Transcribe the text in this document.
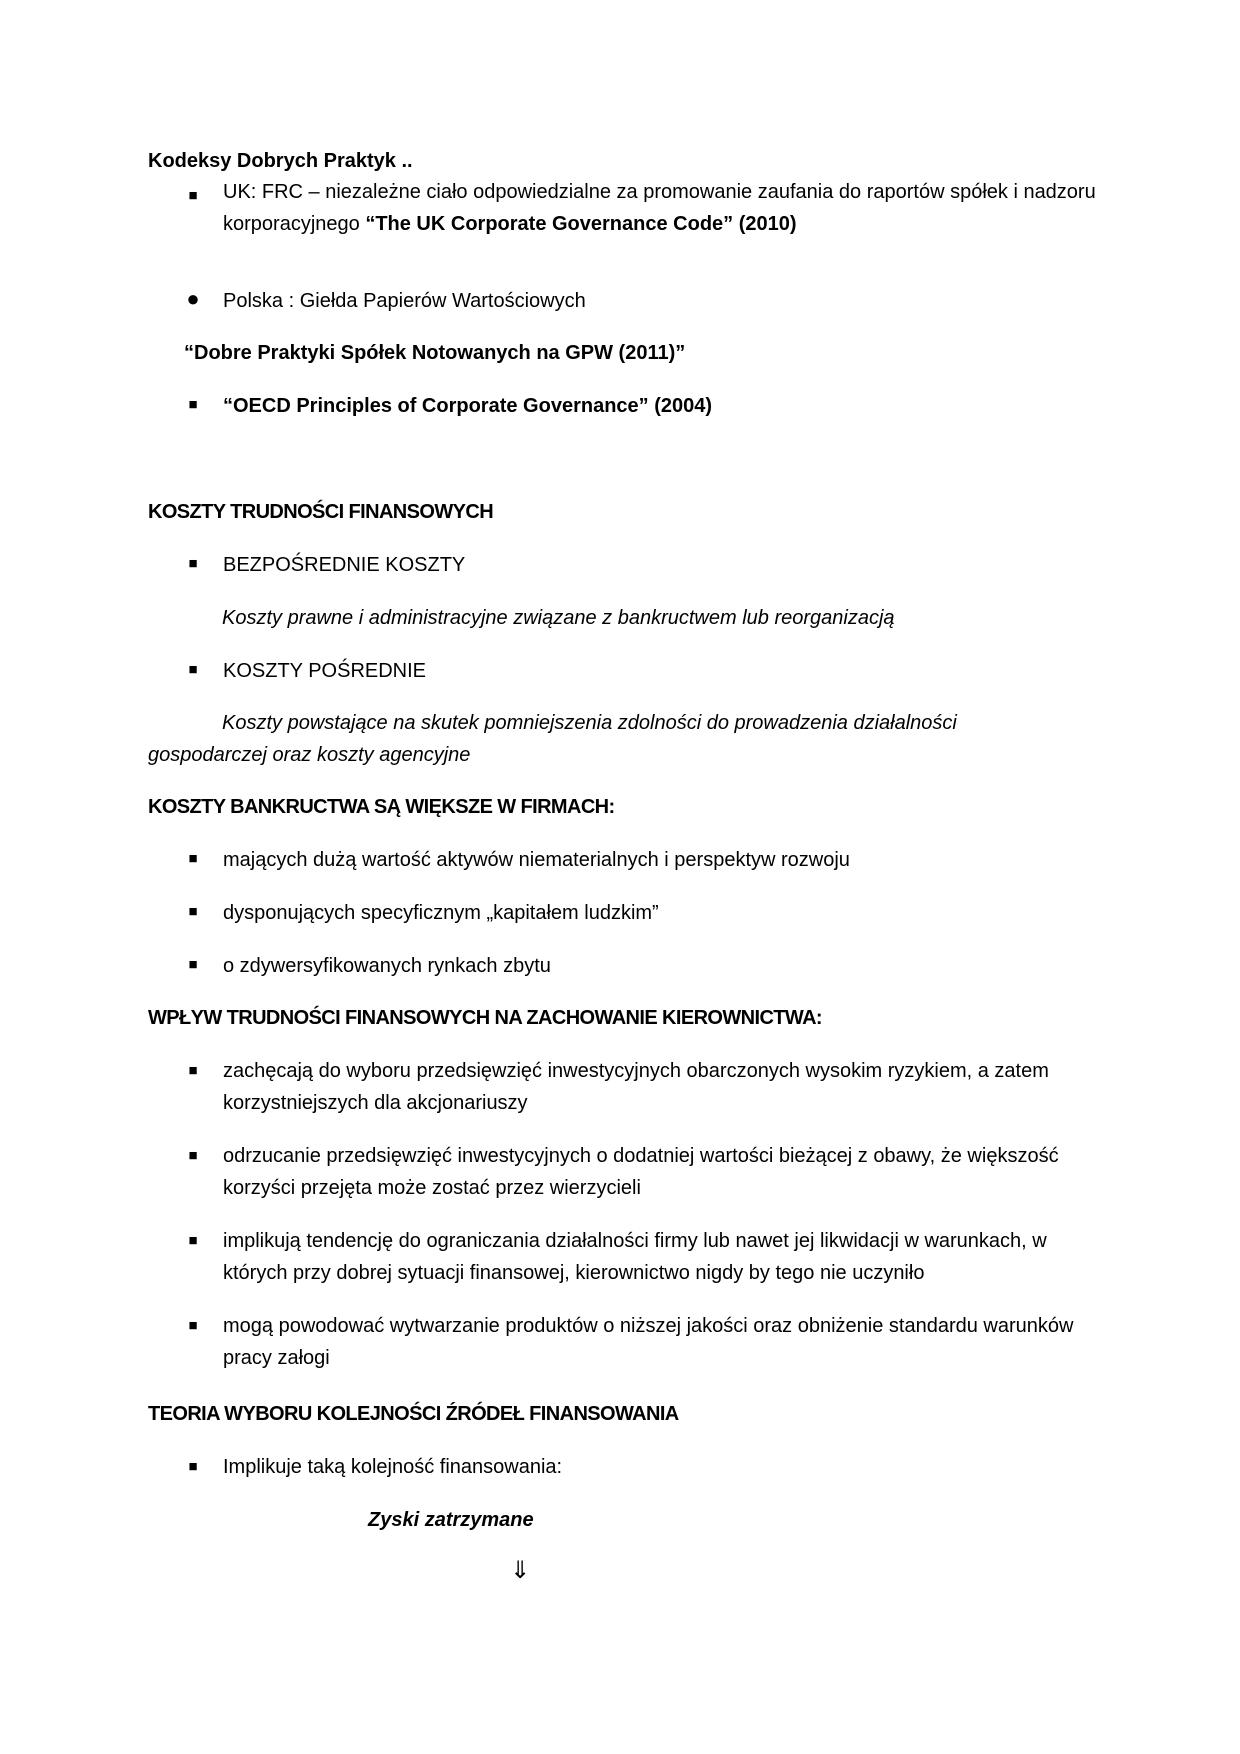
Kodeksy Dobrych Praktyk ..
■ UK: FRC – niezależne ciało odpowiedzialne za promowanie zaufania do raportów spółek i nadzoru korporacyjnego “The UK Corporate Governance Code” (2010)
● Polska : Giełda Papierów Wartościowych
“Dobre Praktyki Spółek Notowanych na GPW (2011)”
■ “OECD Principles of Corporate Governance” (2004)
KOSZTY TRUDNOŚCI FINANSOWYCH
■ BEZPOŚREDNIE KOSZTY
Koszty prawne i administracyjne związane z bankructwem lub reorganizacją
■ KOSZTY POŚREDNIE
Koszty powstające na skutek pomniejszenia zdolności do prowadzenia działalności
gospodarczej oraz koszty agencyjne
KOSZTY BANKRUCTWA SĄ WIĘKSZE W FIRMACH:
■ mających dużą wartość aktywów niematerialnych i perspektyw rozwoju
■ dysponujących specyficznym „kapitałem ludzkim”
■ o zdywersyfikowanych rynkach zbytu
WPŁYW TRUDNOŚCI FINANSOWYCH NA ZACHOWANIE KIEROWNICTWA:
■ zachęcają do wyboru przedsięwzięć inwestycyjnych obarczonych wysokim ryzykiem, a zatem korzystniejszych dla akcjonariuszy
■ odrzucanie przedsięwzięć inwestycyjnych o dodatniej wartości bieżącej z obawy, że większość korzyści przejęta może zostać przez wierzycieli
■ implikują tendencję do ograniczania działalności firmy lub nawet jej likwidacji w warunkach, w których przy dobrej sytuacji finansowej, kierownictwo nigdy by tego nie uczyniło
■ mogą powodować wytwarzanie produktów o niższej jakości oraz obniżenie standardu warunków pracy załogi
TEORIA WYBORU KOLEJNOŚCI ŹRÓDEŁ FINANSOWANIA
■ Implikuje taką kolejność finansowania:
Zyski zatrzymane
⇓
